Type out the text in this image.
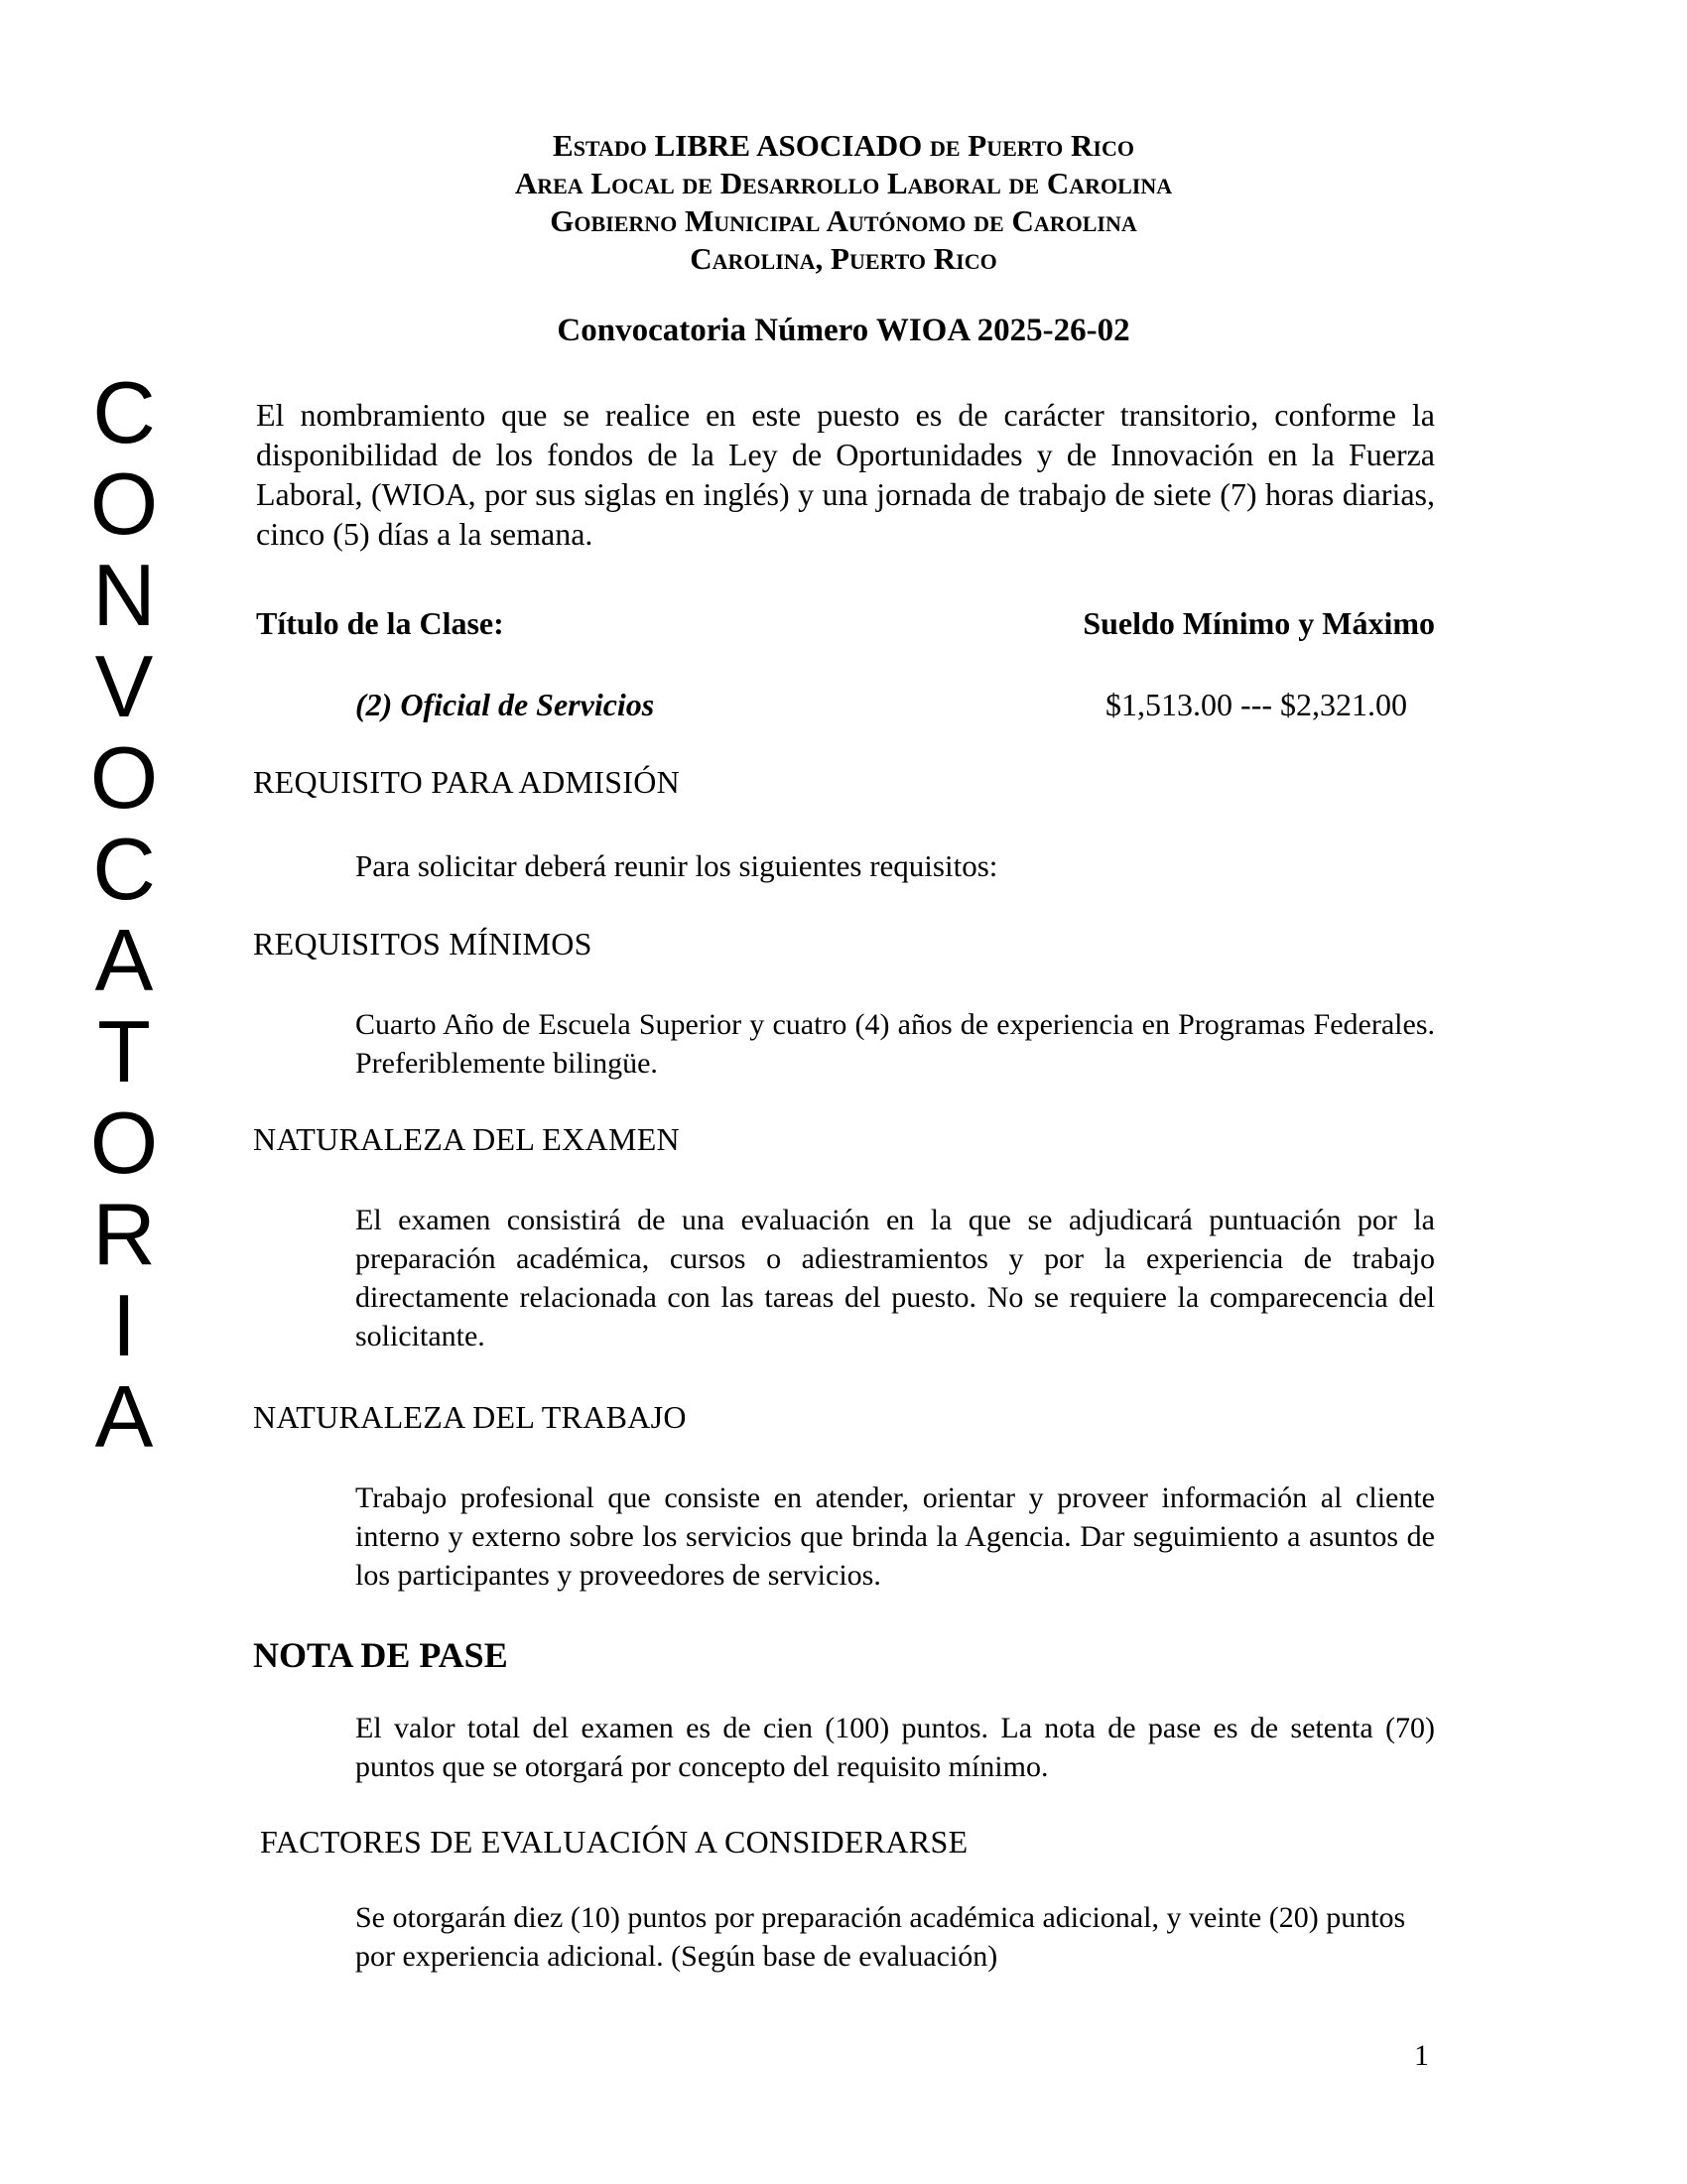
Estado LIBRE ASOCIADO de Puerto Rico
Area Local de Desarrollo Laboral de Carolina
Gobierno Municipal Autónomo de Carolina
Carolina, Puerto Rico
Convocatoria Número WIOA 2025-26-02
C
O
N
V
O
C
A
T
O
R
I
A

El nombramiento que se realice en este puesto es de carácter transitorio, conforme la disponibilidad de los fondos de la Ley de Oportunidades y de Innovación en la Fuerza Laboral, (WIOA, por sus siglas en inglés) y una jornada de trabajo de siete (7) horas diarias, cinco (5) días a la semana.

Título de la Clase:	Sueldo Mínimo y Máximo
(2) Oficial de Servicios	$1,513.00 --- $2,321.00
REQUISITO PARA ADMISIÓN

Para solicitar deberá reunir los siguientes requisitos:

REQUISITOS MÍNIMOS

Cuarto Año de Escuela Superior y cuatro (4) años de experiencia en Programas Federales. Preferiblemente bilingüe.

NATURALEZA DEL EXAMEN

El examen consistirá de una evaluación en la que se adjudicará puntuación por la preparación académica, cursos o adiestramientos y por la experiencia de trabajo directamente relacionada con las tareas del puesto. No se requiere la comparecencia del solicitante.

NATURALEZA DEL TRABAJO

Trabajo profesional que consiste en atender, orientar y proveer información al cliente interno y externo sobre los servicios que brinda la Agencia. Dar seguimiento a asuntos de los participantes y proveedores de servicios.

NOTA DE PASE

El valor total del examen es de cien (100) puntos. La nota de pase es de setenta (70) puntos que se otorgará por concepto del requisito mínimo.

FACTORES DE EVALUACIÓN A CONSIDERARSE

Se otorgarán diez (10) puntos por preparación académica adicional, y veinte (20) puntos por experiencia adicional. (Según base de evaluación)

1
